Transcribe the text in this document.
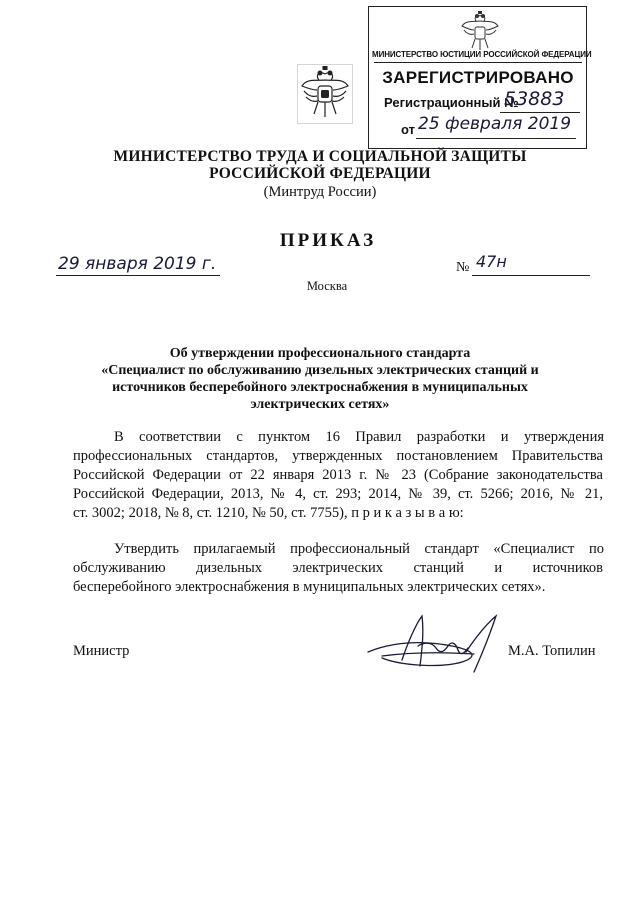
МИНИСТЕРСТВО ЮСТИЦИИ РОССИЙСКОЙ ФЕДЕРАЦИИ
ЗАРЕГИСТРИРОВАНО
Регистрационный №
53883
от 25 февраля 2019
МИНИСТЕРСТВО ТРУДА И СОЦИАЛЬНОЙ ЗАЩИТЫ
РОССИЙСКОЙ ФЕДЕРАЦИИ
(Минтруд России)
ПРИКАЗ
29 января 2019 г.	№ 47н
Москва
Об утверждении профессионального стандарта
«Специалист по обслуживанию дизельных электрических станций и
источников бесперебойного электроснабжения в муниципальных
электрических сетях»
В соответствии с пунктом 16 Правил разработки и утверждения
профессиональных стандартов, утвержденных постановлением Правительства
Российской Федерации от 22 января 2013 г. № 23 (Собрание законодательства
Российской Федерации, 2013, № 4, ст. 293; 2014, № 39, ст. 5266; 2016, № 21,
ст. 3002; 2018, № 8, ст. 1210, № 50, ст. 7755), п р и к а з ы в а ю:
Утвердить прилагаемый профессиональный стандарт «Специалист по
обслуживанию дизельных электрических станций и источников
бесперебойного электроснабжения в муниципальных электрических сетях».
Министр	М.А. Топилин
